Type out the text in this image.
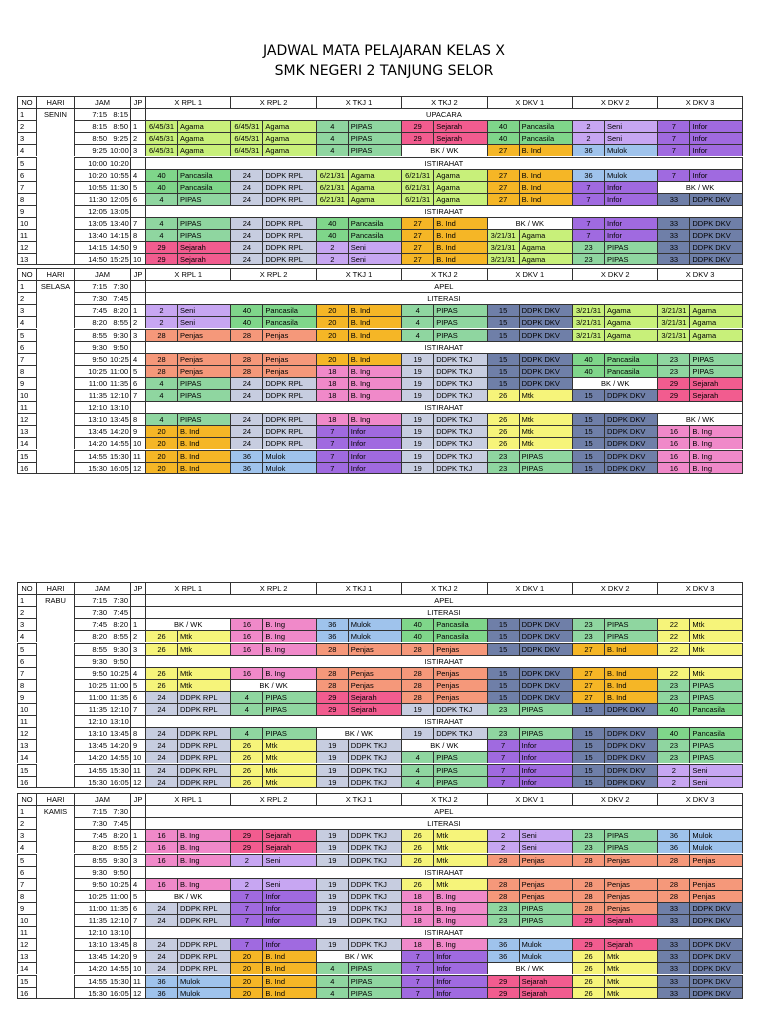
JADWAL MATA PELAJARAN KELAS X
SMK NEGERI 2 TANJUNG SELOR
NO	HARI	JAM	JP	X RPL 1	X RPL 2	X TKJ 1	X TKJ 2	X DKV 1	X DKV 2	X DKV 3
1	SENIN	7:15 8:15	UPACARA
2	8:15 8:50 1	6/45/31 Agama	6/45/31 Agama	4	PIPAS	29	Sejarah	40	Pancasila	2	Seni	7	Infor
3	8:50 9:25 2	6/45/31 Agama	6/45/31 Agama	4	PIPAS	29	Sejarah	40	Pancasila	2	Seni	7	Infor
4	9:25 10:00 3	6/45/31 Agama	6/45/31 Agama	4	PIPAS	BK / WK	27	B. Ind	36	Mulok	7	Infor
5	10:00 10:20	ISTIRAHAT
6	10:20 10:55 4	40	Pancasila	24	DDPK RPL	6/21/31 Agama	6/21/31 Agama	27	B. Ind	36	Mulok	7	Infor
7	10:55 11:30 5	40	Pancasila	24	DDPK RPL	6/21/31 Agama	6/21/31 Agama	27	B. Ind	7	Infor	BK / WK
8	11:30 12:05 6	4	PIPAS	24	DDPK RPL	6/21/31 Agama	6/21/31 Agama	27	B. Ind	7	Infor	33	DDPK DKV
9	12:05 13:05	ISTIRAHAT
10	13:05 13:40 7	4	PIPAS	24	DDPK RPL	40	Pancasila	27	B. Ind	BK / WK	7	Infor	33	DDPK DKV
11	13:40 14:15 8	4	PIPAS	24	DDPK RPL	40	Pancasila	27	B. Ind	3/21/31 Agama	7	Infor	33	DDPK DKV
12	14:15 14:50 9	29	Sejarah	24	DDPK RPL	2	Seni	27	B. Ind	3/21/31 Agama	23	PIPAS	33	DDPK DKV
13	14:50 15:25 10	29	Sejarah	24	DDPK RPL	2	Seni	27	B. Ind	3/21/31 Agama	23	PIPAS	33	DDPK DKV
NO	HARI	JAM	JP	X RPL 1	X RPL 2	X TKJ 1	X TKJ 2	X DKV 1	X DKV 2	X DKV 3
1	SELASA	7:15 7:30	APEL
2	7:30 7:45	LITERASI
3	7:45 8:20 1	2	Seni	40	Pancasila	20	B. Ind	4	PIPAS	15	DDPK DKV	3/21/31 Agama	3/21/31 Agama
4	8:20 8:55 2	2	Seni	40	Pancasila	20	B. Ind	4	PIPAS	15	DDPK DKV	3/21/31 Agama	3/21/31 Agama
5	8:55 9:30 3	28	Penjas	28	Penjas	20	B. Ind	4	PIPAS	15	DDPK DKV	3/21/31 Agama	3/21/31 Agama
6	9:30 9:50	ISTIRAHAT
7	9:50 10:25 4	28	Penjas	28	Penjas	20	B. Ind	19	DDPK TKJ	15	DDPK DKV	40	Pancasila	23	PIPAS
8	10:25 11:00 5	28	Penjas	28	Penjas	18	B. Ing	19	DDPK TKJ	15	DDPK DKV	40	Pancasila	23	PIPAS
9	11:00 11:35 6	4	PIPAS	24	DDPK RPL	18	B. Ing	19	DDPK TKJ	15	DDPK DKV	BK / WK	29	Sejarah
10	11:35 12:10 7	4	PIPAS	24	DDPK RPL	18	B. Ing	19	DDPK TKJ	26	Mtk	15	DDPK DKV	29	Sejarah
11	12:10 13:10	ISTIRAHAT
12	13:10 13:45 8	4	PIPAS	24	DDPK RPL	18	B. Ing	19	DDPK TKJ	26	Mtk	15	DDPK DKV	BK / WK
13	13:45 14:20 9	20	B. Ind	24	DDPK RPL	7	Infor	19	DDPK TKJ	26	Mtk	15	DDPK DKV	16	B. Ing
14	14:20 14:55 10	20	B. Ind	24	DDPK RPL	7	Infor	19	DDPK TKJ	26	Mtk	15	DDPK DKV	16	B. Ing
15	14:55 15:30 11	20	B. Ind	36	Mulok	7	Infor	19	DDPK TKJ	23	PIPAS	15	DDPK DKV	16	B. Ing
16	15:30 16:05 12	20	B. Ind	36	Mulok	7	Infor	19	DDPK TKJ	23	PIPAS	15	DDPK DKV	16	B. Ing
NO	HARI	JAM	JP	X RPL 1	X RPL 2	X TKJ 1	X TKJ 2	X DKV 1	X DKV 2	X DKV 3
1	RABU	7:15 7:30	APEL
2	7:30 7:45	LITERASI
3	7:45 8:20 1	BK / WK	16	B. Ing	36	Mulok	40	Pancasila	15	DDPK DKV	23	PIPAS	22	Mtk
4	8:20 8:55 2	26	Mtk	16	B. Ing	36	Mulok	40	Pancasila	15	DDPK DKV	23	PIPAS	22	Mtk
5	8:55 9:30 3	26	Mtk	16	B. Ing	28	Penjas	28	Penjas	15	DDPK DKV	27	B. Ind	22	Mtk
6	9:30 9:50	ISTIRAHAT
7	9:50 10:25 4	26	Mtk	16	B. Ing	28	Penjas	28	Penjas	15	DDPK DKV	27	B. Ind	22	Mtk
8	10:25 11:00 5	26	Mtk	BK / WK	28	Penjas	28	Penjas	15	DDPK DKV	27	B. Ind	23	PIPAS
9	11:00 11:35 6	24	DDPK RPL	4	PIPAS	29	Sejarah	28	Penjas	15	DDPK DKV	27	B. Ind	23	PIPAS
10	11:35 12:10 7	24	DDPK RPL	4	PIPAS	29	Sejarah	19	DDPK TKJ	23	PIPAS	15	DDPK DKV	40	Pancasila
11	12:10 13:10	ISTIRAHAT
12	13:10 13:45 8	24	DDPK RPL	4	PIPAS	BK / WK	19	DDPK TKJ	23	PIPAS	15	DDPK DKV	40	Pancasila
13	13:45 14:20 9	24	DDPK RPL	26	Mtk	19	DDPK TKJ	BK / WK	7	Infor	15	DDPK DKV	23	PIPAS
14	14:20 14:55 10	24	DDPK RPL	26	Mtk	19	DDPK TKJ	4	PIPAS	7	Infor	15	DDPK DKV	23	PIPAS
15	14:55 15:30 11	24	DDPK RPL	26	Mtk	19	DDPK TKJ	4	PIPAS	7	Infor	15	DDPK DKV	2	Seni
16	15:30 16:05 12	24	DDPK RPL	26	Mtk	19	DDPK TKJ	4	PIPAS	7	Infor	15	DDPK DKV	2	Seni
NO	HARI	JAM	JP	X RPL 1	X RPL 2	X TKJ 1	X TKJ 2	X DKV 1	X DKV 2	X DKV 3
1	KAMIS	7:15 7:30	APEL
2	7:30 7:45	LITERASI
3	7:45 8:20 1	16	B. Ing	29	Sejarah	19	DDPK TKJ	26	Mtk	2	Seni	23	PIPAS	36	Mulok
4	8:20 8:55 2	16	B. Ing	29	Sejarah	19	DDPK TKJ	26	Mtk	2	Seni	23	PIPAS	36	Mulok
5	8:55 9:30 3	16	B. Ing	2	Seni	19	DDPK TKJ	26	Mtk	28	Penjas	28	Penjas	28	Penjas
6	9:30 9:50	ISTIRAHAT
7	9:50 10:25 4	16	B. Ing	2	Seni	19	DDPK TKJ	26	Mtk	28	Penjas	28	Penjas	28	Penjas
8	10:25 11:00 5	BK / WK	7	Infor	19	DDPK TKJ	18	B. Ing	28	Penjas	28	Penjas	28	Penjas
9	11:00 11:35 6	24	DDPK RPL	7	Infor	19	DDPK TKJ	18	B. Ing	23	PIPAS	28	Penjas	33	DDPK DKV
10	11:35 12:10 7	24	DDPK RPL	7	Infor	19	DDPK TKJ	18	B. Ing	23	PIPAS	29	Sejarah	33	DDPK DKV
11	12:10 13:10	ISTIRAHAT
12	13:10 13:45 8	24	DDPK RPL	7	Infor	19	DDPK TKJ	18	B. Ing	36	Mulok	29	Sejarah	33	DDPK DKV
13	13:45 14:20 9	24	DDPK RPL	20	B. Ind	BK / WK	7	Infor	36	Mulok	26	Mtk	33	DDPK DKV
14	14:20 14:55 10	24	DDPK RPL	20	B. Ind	4	PIPAS	7	Infor	BK / WK	26	Mtk	33	DDPK DKV
15	14:55 15:30 11	36	Mulok	20	B. Ind	4	PIPAS	7	Infor	29	Sejarah	26	Mtk	33	DDPK DKV
16	15:30 16:05 12	36	Mulok	20	B. Ind	4	PIPAS	7	Infor	29	Sejarah	26	Mtk	33	DDPK DKV
